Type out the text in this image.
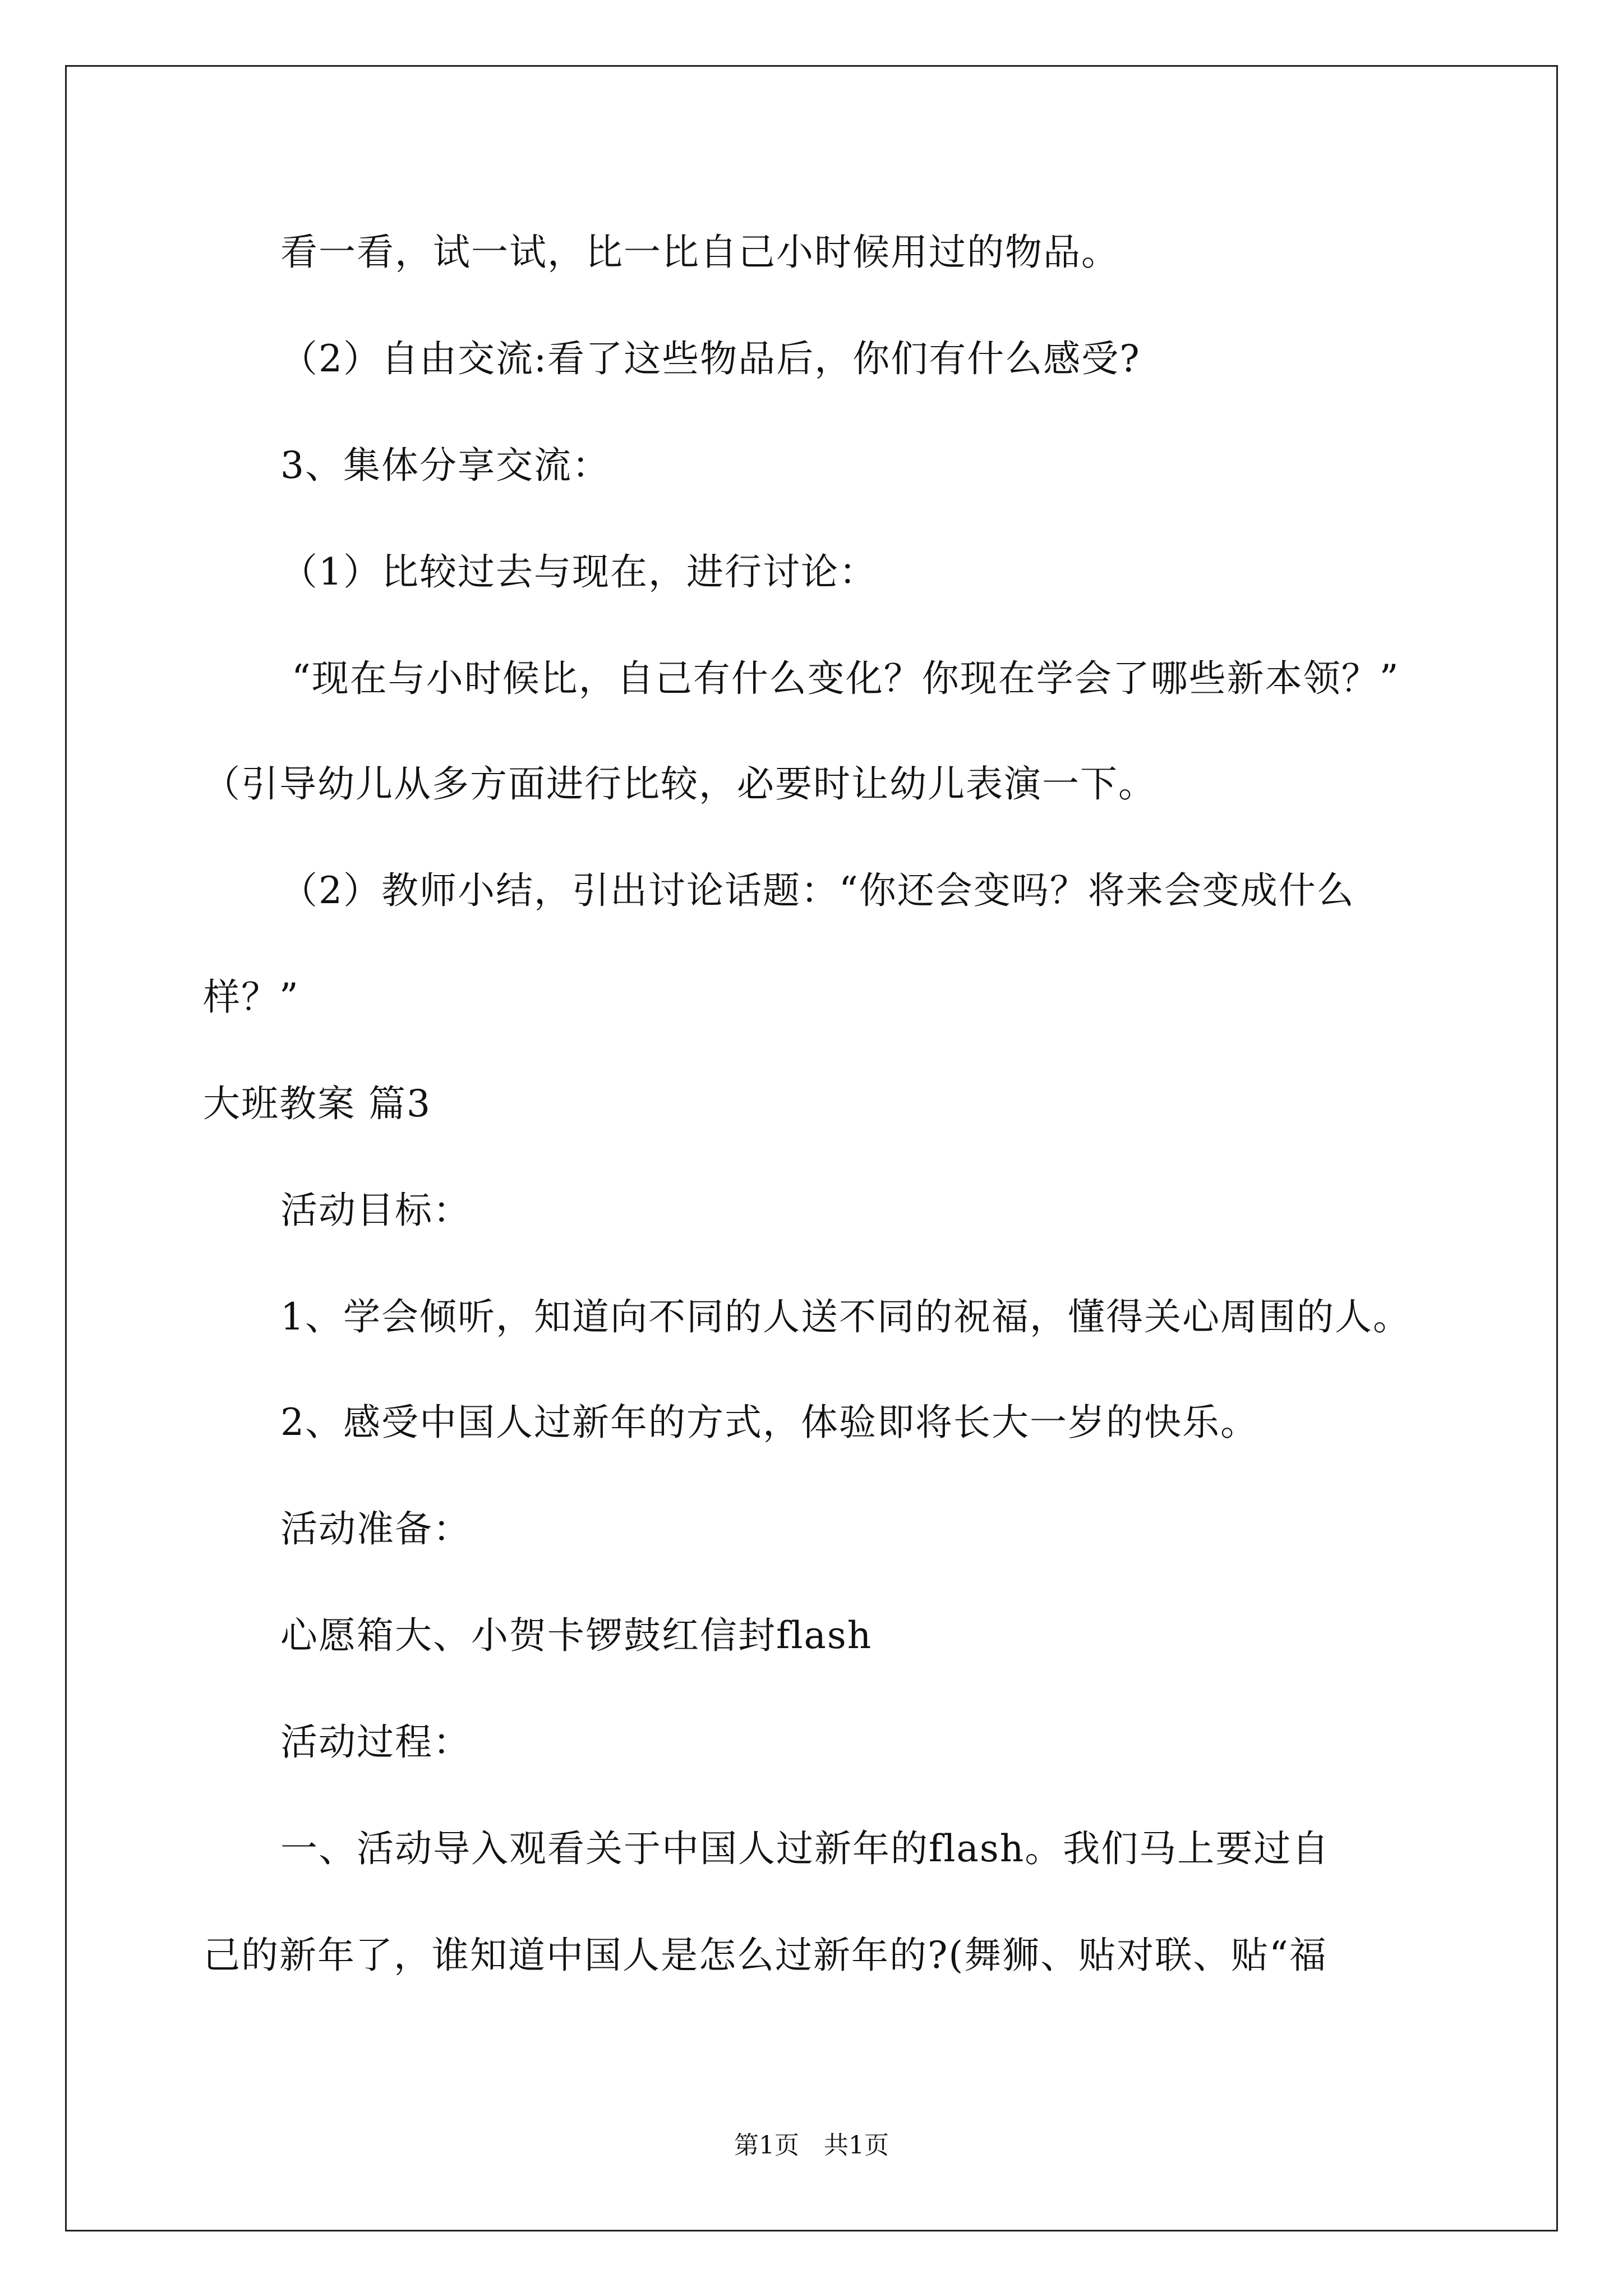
看一看，试一试，比一比自己小时候用过的物品。
（2）自由交流:看了这些物品后，你们有什么感受?
3、集体分享交流：
（1）比较过去与现在，进行讨论：
“现在与小时候比，自己有什么变化？你现在学会了哪些新本领？”
（引导幼儿从多方面进行比较，必要时让幼儿表演一下。
（2）教师小结，引出讨论话题：“你还会变吗？将来会变成什么
样？”
大班教案 篇3
活动目标：
1、学会倾听，知道向不同的人送不同的祝福，懂得关心周围的人。
2、感受中国人过新年的方式，体验即将长大一岁的快乐。
活动准备：
心愿箱大、小贺卡锣鼓红信封flash
活动过程：
一、活动导入观看关于中国人过新年的flash。我们马上要过自
己的新年了，谁知道中国人是怎么过新年的?(舞狮、贴对联、贴“福
第1页　共1页
